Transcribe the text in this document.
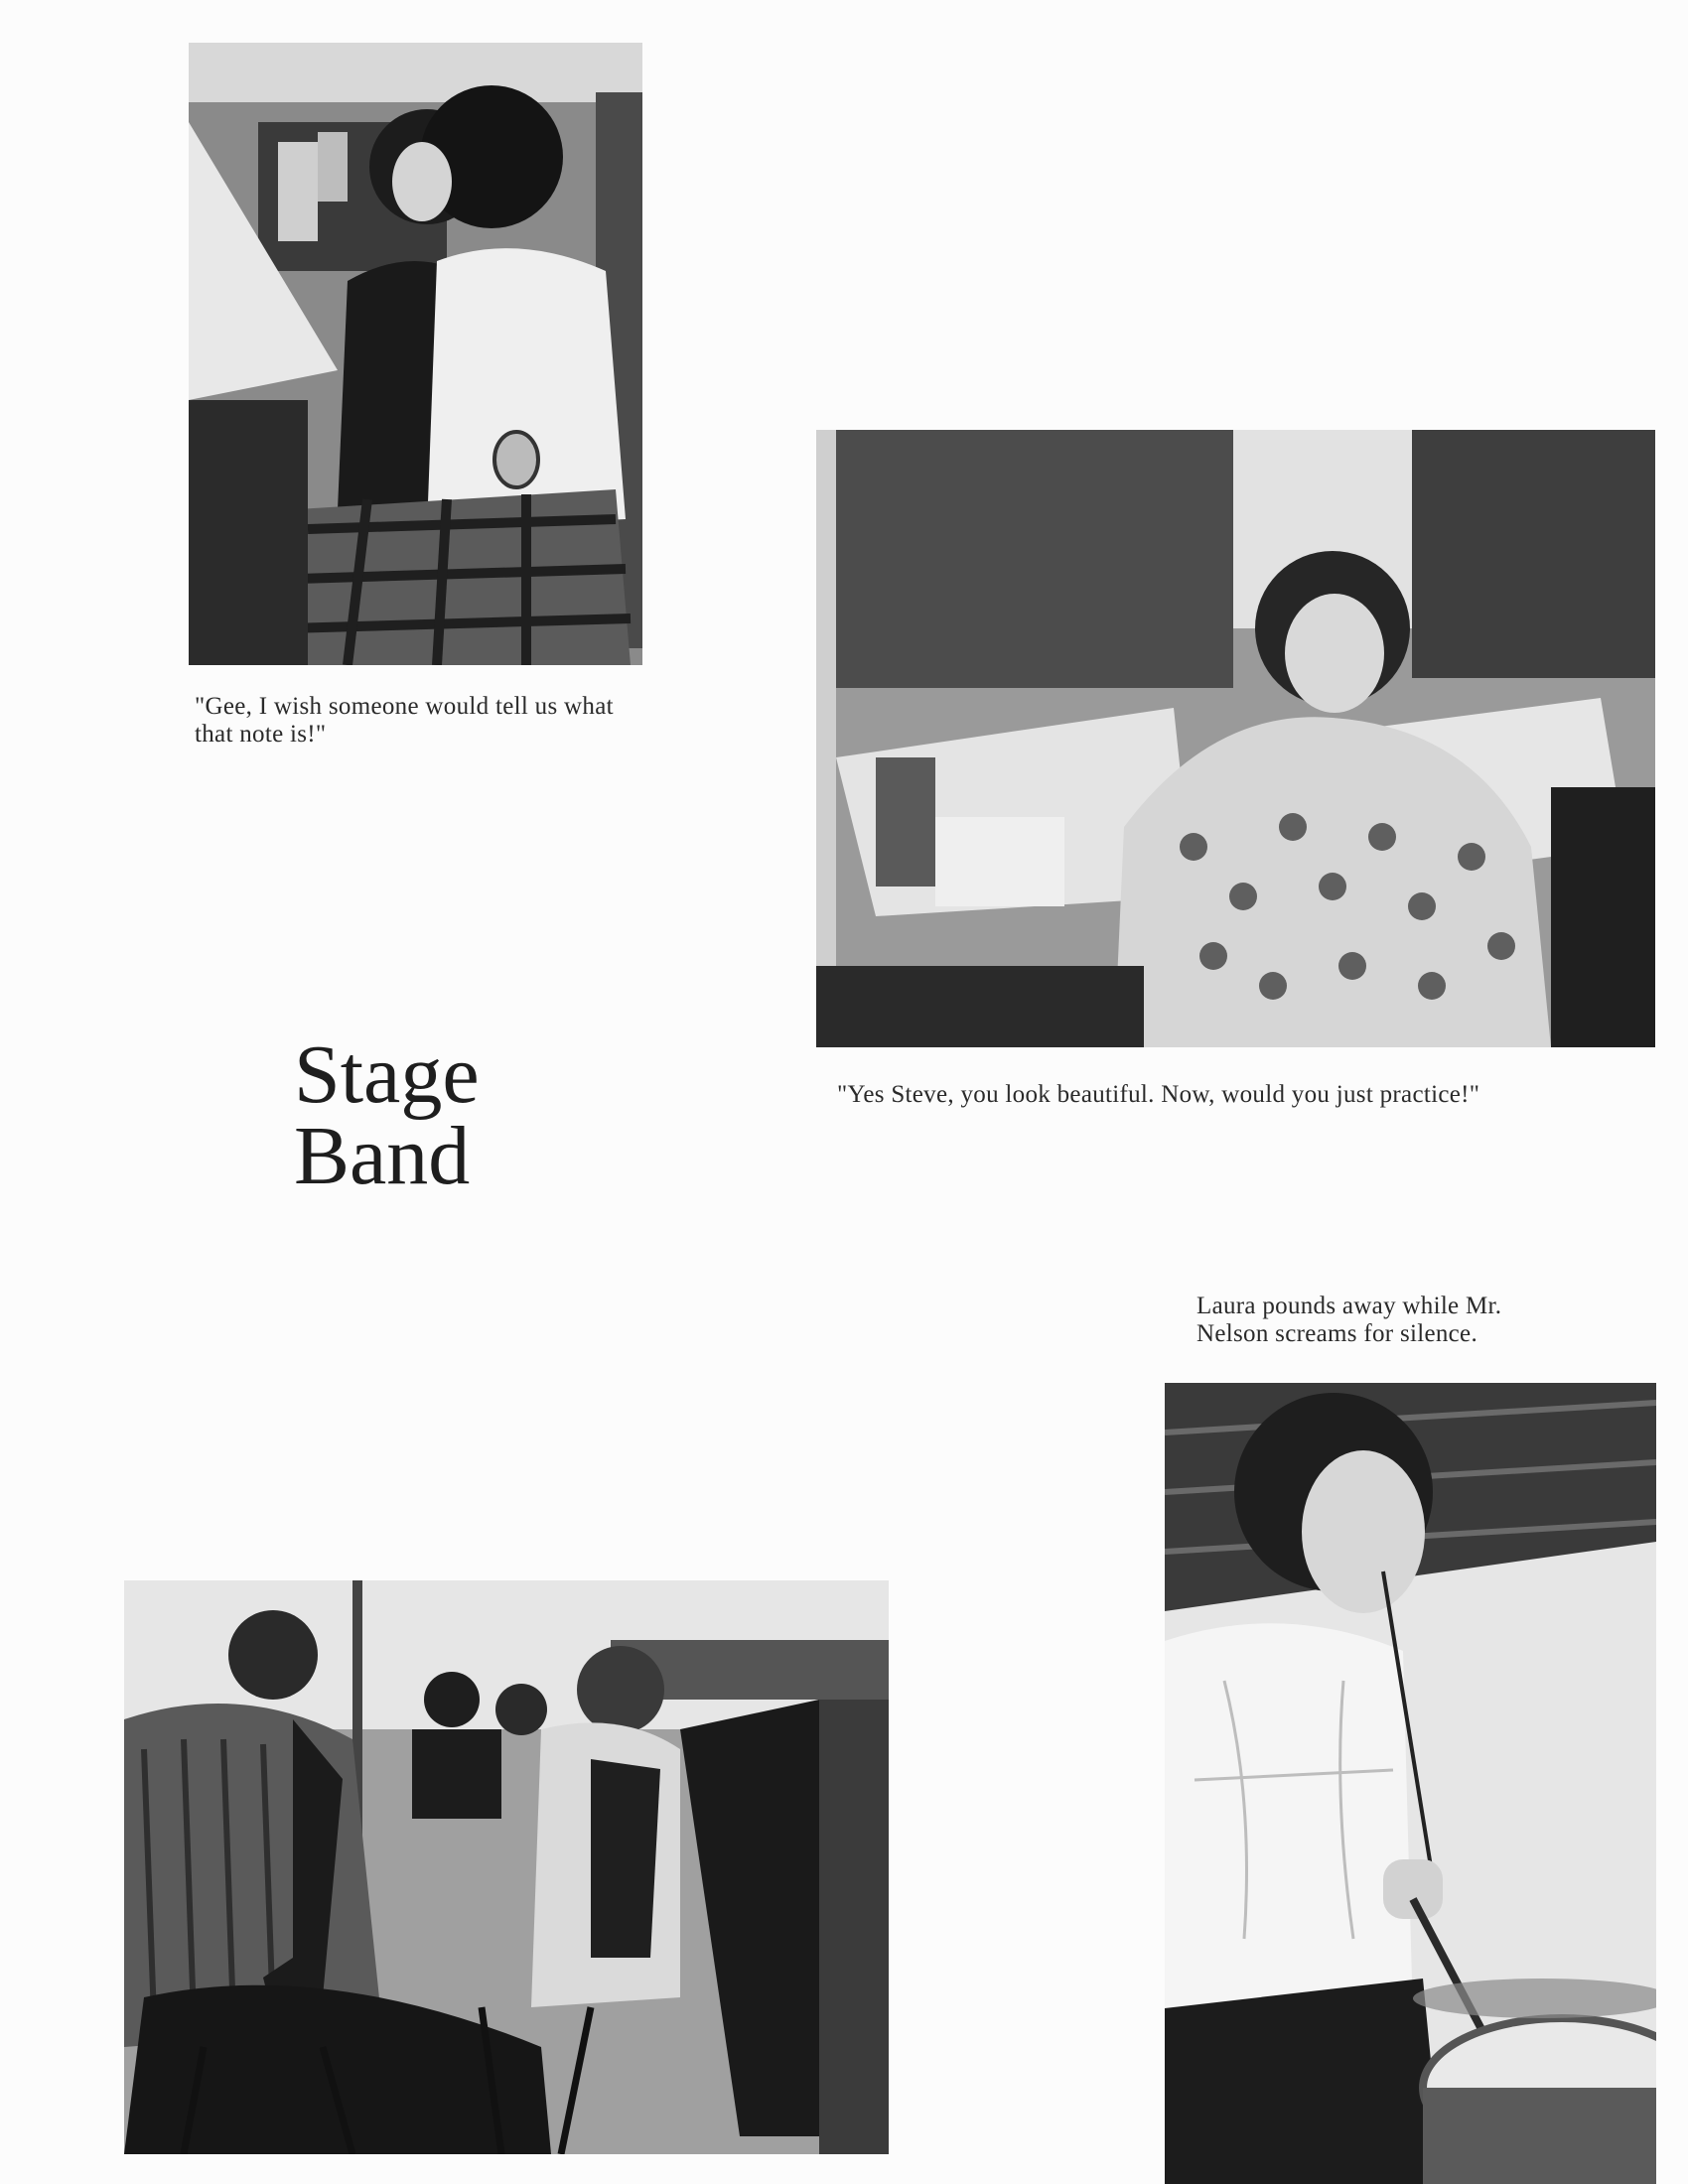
"Gee, I wish someone would tell us what that note is!"
"Yes Steve, you look beautiful. Now, would you just practice!"
Stage
Band
Laura pounds away while Mr. Nelson screams for silence.
